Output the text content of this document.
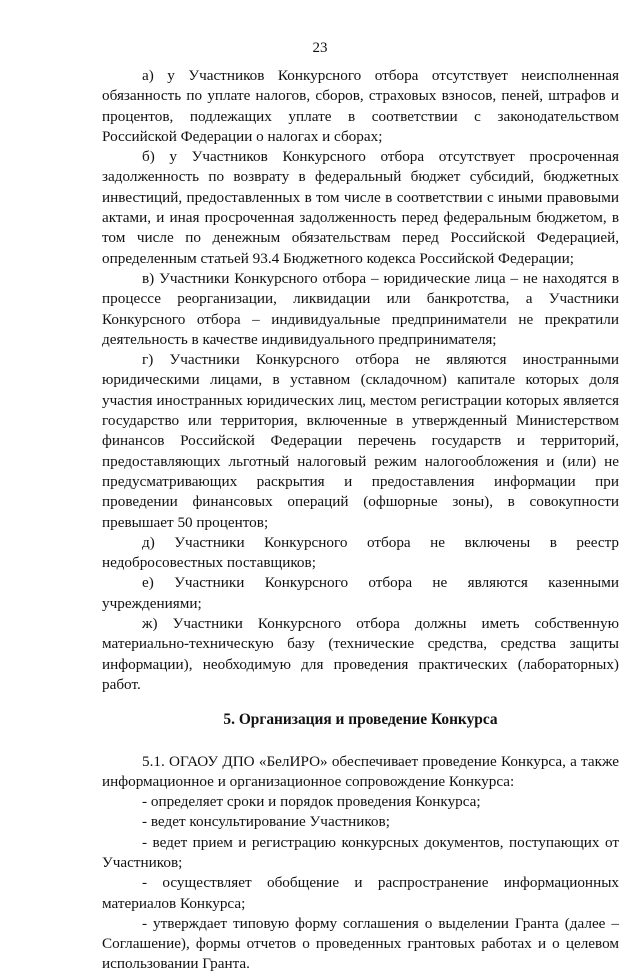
23

а) у Участников Конкурсного отбора отсутствует неисполненная обязанность по уплате налогов, сборов, страховых взносов, пеней, штрафов и процентов, подлежащих уплате в соответствии с законодательством Российской Федерации о налогах и сборах;

б) у Участников Конкурсного отбора отсутствует просроченная задолженность по возврату в федеральный бюджет субсидий, бюджетных инвестиций, предоставленных в том числе в соответствии с иными правовыми актами, и иная просроченная задолженность перед федеральным бюджетом, в том числе по денежным обязательствам перед Российской Федерацией, определенным статьей 93.4 Бюджетного кодекса Российской Федерации;

в) Участники Конкурсного отбора – юридические лица – не находятся в процессе реорганизации, ликвидации или банкротства, а Участники Конкурсного отбора – индивидуальные предприниматели не прекратили деятельность в качестве индивидуального предпринимателя;

г) Участники Конкурсного отбора не являются иностранными юридическими лицами, в уставном (складочном) капитале которых доля участия иностранных юридических лиц, местом регистрации которых является государство или территория, включенные в утвержденный Министерством финансов Российской Федерации перечень государств и территорий, предоставляющих льготный налоговый режим налогообложения и (или) не предусматривающих раскрытия и предоставления информации при проведении финансовых операций (офшорные зоны), в совокупности превышает 50 процентов;

д) Участники Конкурсного отбора не включены в реестр недобросовестных поставщиков;

е) Участники Конкурсного отбора не являются казенными учреждениями;

ж) Участники Конкурсного отбора должны иметь собственную материально-техническую базу (технические средства, средства защиты информации), необходимую для проведения практических (лабораторных) работ.

5. Организация и проведение Конкурса

5.1. ОГАОУ ДПО «БелИРО» обеспечивает проведение Конкурса, а также информационное и организационное сопровождение Конкурса:

- определяет сроки и порядок проведения Конкурса;

- ведет консультирование Участников;

- ведет прием и регистрацию конкурсных документов, поступающих от Участников;

- осуществляет обобщение и распространение информационных материалов Конкурса;

- утверждает типовую форму соглашения о выделении Гранта (далее – Соглашение), формы отчетов о проведенных грантовых работах и о целевом использовании Гранта.
